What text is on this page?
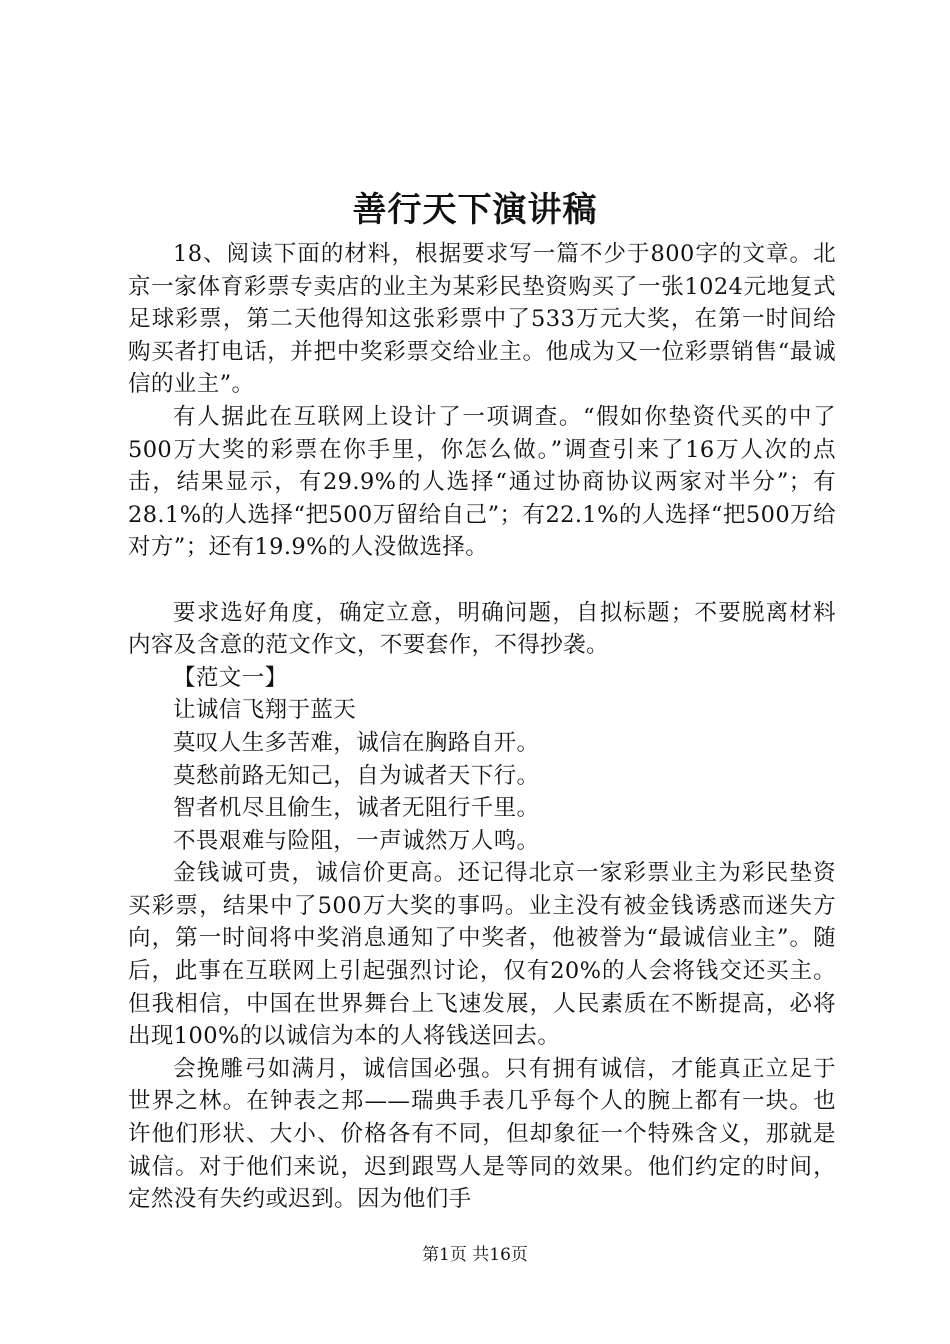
善行天下演讲稿

18、阅读下面的材料，根据要求写一篇不少于800字的文章。北京一家体育彩票专卖店的业主为某彩民垫资购买了一张1024元地复式足球彩票，第二天他得知这张彩票中了533万元大奖，在第一时间给购买者打电话，并把中奖彩票交给业主。他成为又一位彩票销售“最诚信的业主”。

有人据此在互联网上设计了一项调查。“假如你垫资代买的中了500万大奖的彩票在你手里，你怎么做。”调查引来了16万人次的点击，结果显示，有29.9%的人选择“通过协商协议两家对半分”；有28.1%的人选择“把500万留给自己”；有22.1%的人选择“把500万给对方”；还有19.9%的人没做选择。

要求选好角度，确定立意，明确问题，自拟标题；不要脱离材料内容及含意的范文作文，不要套作，不得抄袭。

【范文一】

让诚信飞翔于蓝天

莫叹人生多苦难，诚信在胸路自开。

莫愁前路无知己，自为诚者天下行。

智者机尽且偷生，诚者无阻行千里。

不畏艰难与险阻，一声诚然万人鸣。

金钱诚可贵，诚信价更高。还记得北京一家彩票业主为彩民垫资买彩票，结果中了500万大奖的事吗。业主没有被金钱诱惑而迷失方向，第一时间将中奖消息通知了中奖者，他被誉为“最诚信业主”。随后，此事在互联网上引起强烈讨论，仅有20%的人会将钱交还买主。但我相信，中国在世界舞台上飞速发展，人民素质在不断提高，必将出现100%的以诚信为本的人将钱送回去。

会挽雕弓如满月，诚信国必强。只有拥有诚信，才能真正立足于世界之林。在钟表之邦——瑞典手表几乎每个人的腕上都有一块。也许他们形状、大小、价格各有不同，但却象征一个特殊含义，那就是诚信。对于他们来说，迟到跟骂人是等同的效果。他们约定的时间，定然没有失约或迟到。因为他们手

第1页 共16页
